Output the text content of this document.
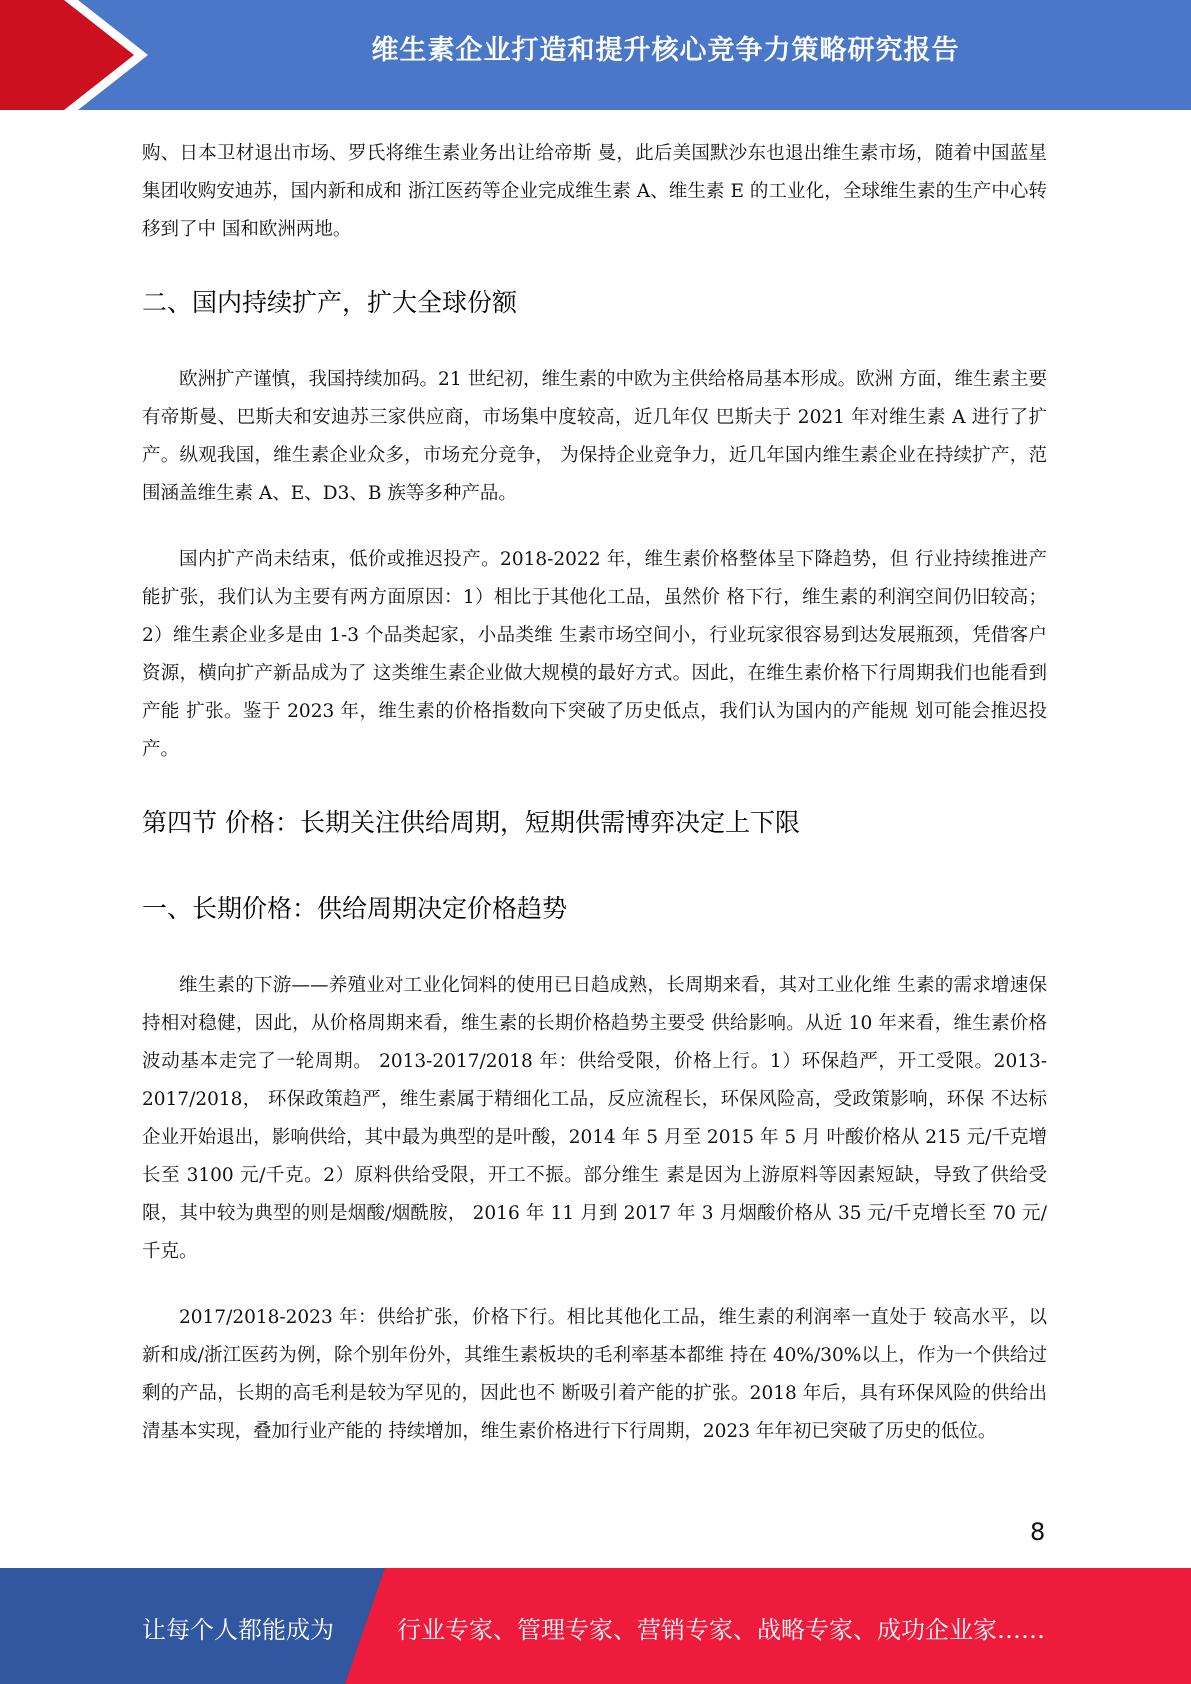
维生素企业打造和提升核心竞争力策略研究报告

购、日本卫材退出市场、罗氏将维生素业务出让给帝斯 曼，此后美国默沙东也退出维生素市场，随着中国蓝星集团收购安迪苏，国内新和成和 浙江医药等企业完成维生素 A、维生素 E 的工业化，全球维生素的生产中心转移到了中 国和欧洲两地。

二、国内持续扩产，扩大全球份额

欧洲扩产谨慎，我国持续加码。21 世纪初，维生素的中欧为主供给格局基本形成。欧洲 方面，维生素主要有帝斯曼、巴斯夫和安迪苏三家供应商，市场集中度较高，近几年仅 巴斯夫于 2021 年对维生素 A 进行了扩产。纵观我国，维生素企业众多，市场充分竞争， 为保持企业竞争力，近几年国内维生素企业在持续扩产，范围涵盖维生素 A、E、D3、B 族等多种产品。

国内扩产尚未结束，低价或推迟投产。2018-2022 年，维生素价格整体呈下降趋势，但 行业持续推进产能扩张，我们认为主要有两方面原因：1）相比于其他化工品，虽然价 格下行，维生素的利润空间仍旧较高；2）维生素企业多是由 1-3 个品类起家，小品类维 生素市场空间小，行业玩家很容易到达发展瓶颈，凭借客户资源，横向扩产新品成为了 这类维生素企业做大规模的最好方式。因此，在维生素价格下行周期我们也能看到产能 扩张。鉴于 2023 年，维生素的价格指数向下突破了历史低点，我们认为国内的产能规 划可能会推迟投产。

第四节 价格：长期关注供给周期，短期供需博弈决定上下限
一、长期价格：供给周期决定价格趋势

维生素的下游——养殖业对工业化饲料的使用已日趋成熟，长周期来看，其对工业化维 生素的需求增速保持相对稳健，因此，从价格周期来看，维生素的长期价格趋势主要受 供给影响。从近 10 年来看，维生素价格波动基本走完了一轮周期。 2013-2017/2018 年：供给受限，价格上行。1）环保趋严，开工受限。2013-2017/2018， 环保政策趋严，维生素属于精细化工品，反应流程长，环保风险高，受政策影响，环保 不达标企业开始退出，影响供给，其中最为典型的是叶酸，2014 年 5 月至 2015 年 5 月 叶酸价格从 215 元/千克增长至 3100 元/千克。2）原料供给受限，开工不振。部分维生 素是因为上游原料等因素短缺，导致了供给受限，其中较为典型的则是烟酸/烟酰胺， 2016 年 11 月到 2017 年 3 月烟酸价格从 35 元/千克增长至 70 元/千克。

2017/2018-2023 年：供给扩张，价格下行。相比其他化工品，维生素的利润率一直处于 较高水平，以新和成/浙江医药为例，除个别年份外，其维生素板块的毛利率基本都维 持在 40%/30%以上，作为一个供给过剩的产品，长期的高毛利是较为罕见的，因此也不 断吸引着产能的扩张。2018 年后，具有环保风险的供给出清基本实现，叠加行业产能的 持续增加，维生素价格进行下行周期，2023 年年初已突破了历史的低位。

8
让每个人都能成为	行业专家、管理专家、营销专家、战略专家、成功企业家……
